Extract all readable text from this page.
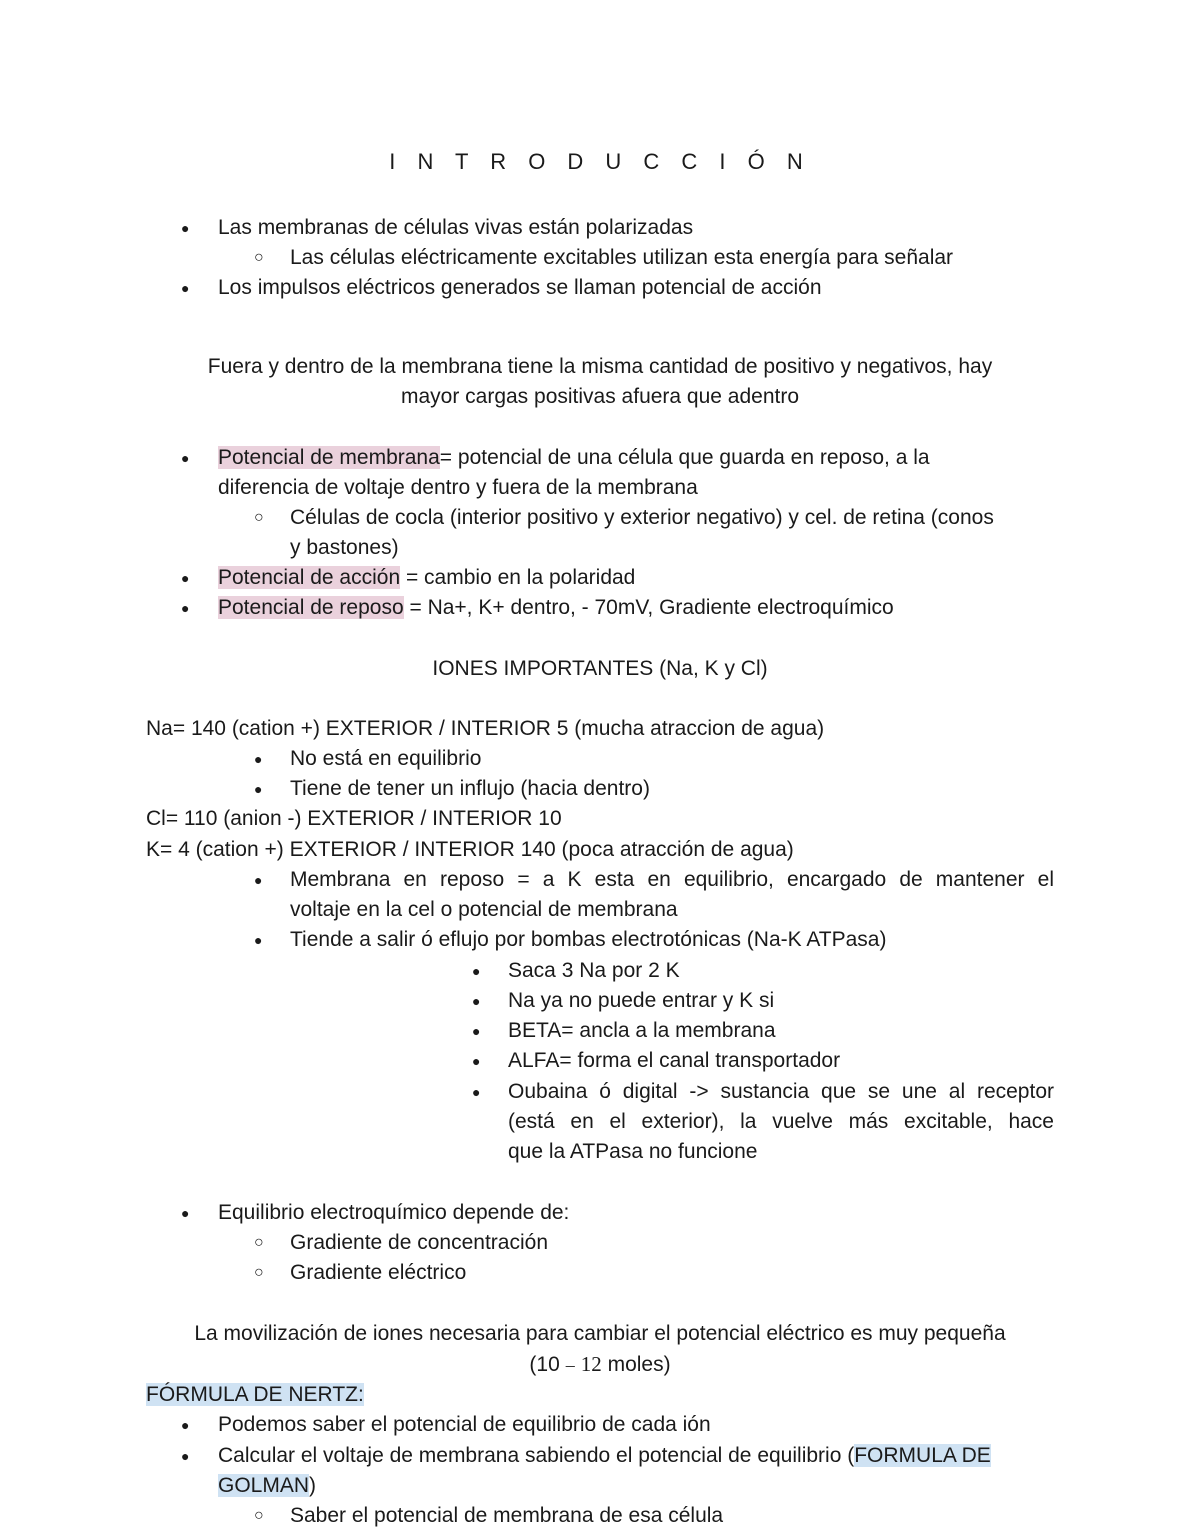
I N T R O D U C C I Ó N
● Las membranas de células vivas están polarizadas
○ Las células eléctricamente excitables utilizan esta energía para señalar
● Los impulsos eléctricos generados se llaman potencial de acción
Fuera y dentro de la membrana tiene la misma cantidad de positivo y negativos, hay
mayor cargas positivas afuera que adentro
● Potencial de membrana= potencial de una célula que guarda en reposo, a la
diferencia de voltaje dentro y fuera de la membrana
○ Células de cocla (interior positivo y exterior negativo) y cel. de retina (conos
y bastones)
● Potencial de acción = cambio en la polaridad
● Potencial de reposo = Na+, K+ dentro, - 70mV, Gradiente electroquímico
IONES IMPORTANTES (Na, K y Cl)
Na= 140 (cation +) EXTERIOR / INTERIOR 5 (mucha atraccion de agua)
● No está en equilibrio
● Tiene de tener un influjo (hacia dentro)
Cl= 110 (anion -) EXTERIOR / INTERIOR 10
K= 4 (cation +) EXTERIOR / INTERIOR 140 (poca atracción de agua)
● Membrana en reposo = a K esta en equilibrio, encargado de mantener el
voltaje en la cel o potencial de membrana
● Tiende a salir ó eflujo por bombas electrotónicas (Na-K ATPasa)
● Saca 3 Na por 2 K
● Na ya no puede entrar y K si
● BETA= ancla a la membrana
● ALFA= forma el canal transportador
● Oubaina ó digital -> sustancia que se une al receptor
(está en el exterior), la vuelve más excitable, hace
que la ATPasa no funcione
● Equilibrio electroquímico depende de:
○ Gradiente de concentración
○ Gradiente eléctrico
La movilización de iones necesaria para cambiar el potencial eléctrico es muy pequeña
(10 – 12 moles)
FÓRMULA DE NERTZ:
● Podemos saber el potencial de equilibrio de cada ión
● Calcular el voltaje de membrana sabiendo el potencial de equilibrio (FORMULA DE
GOLMAN)
○ Saber el potencial de membrana de esa célula
